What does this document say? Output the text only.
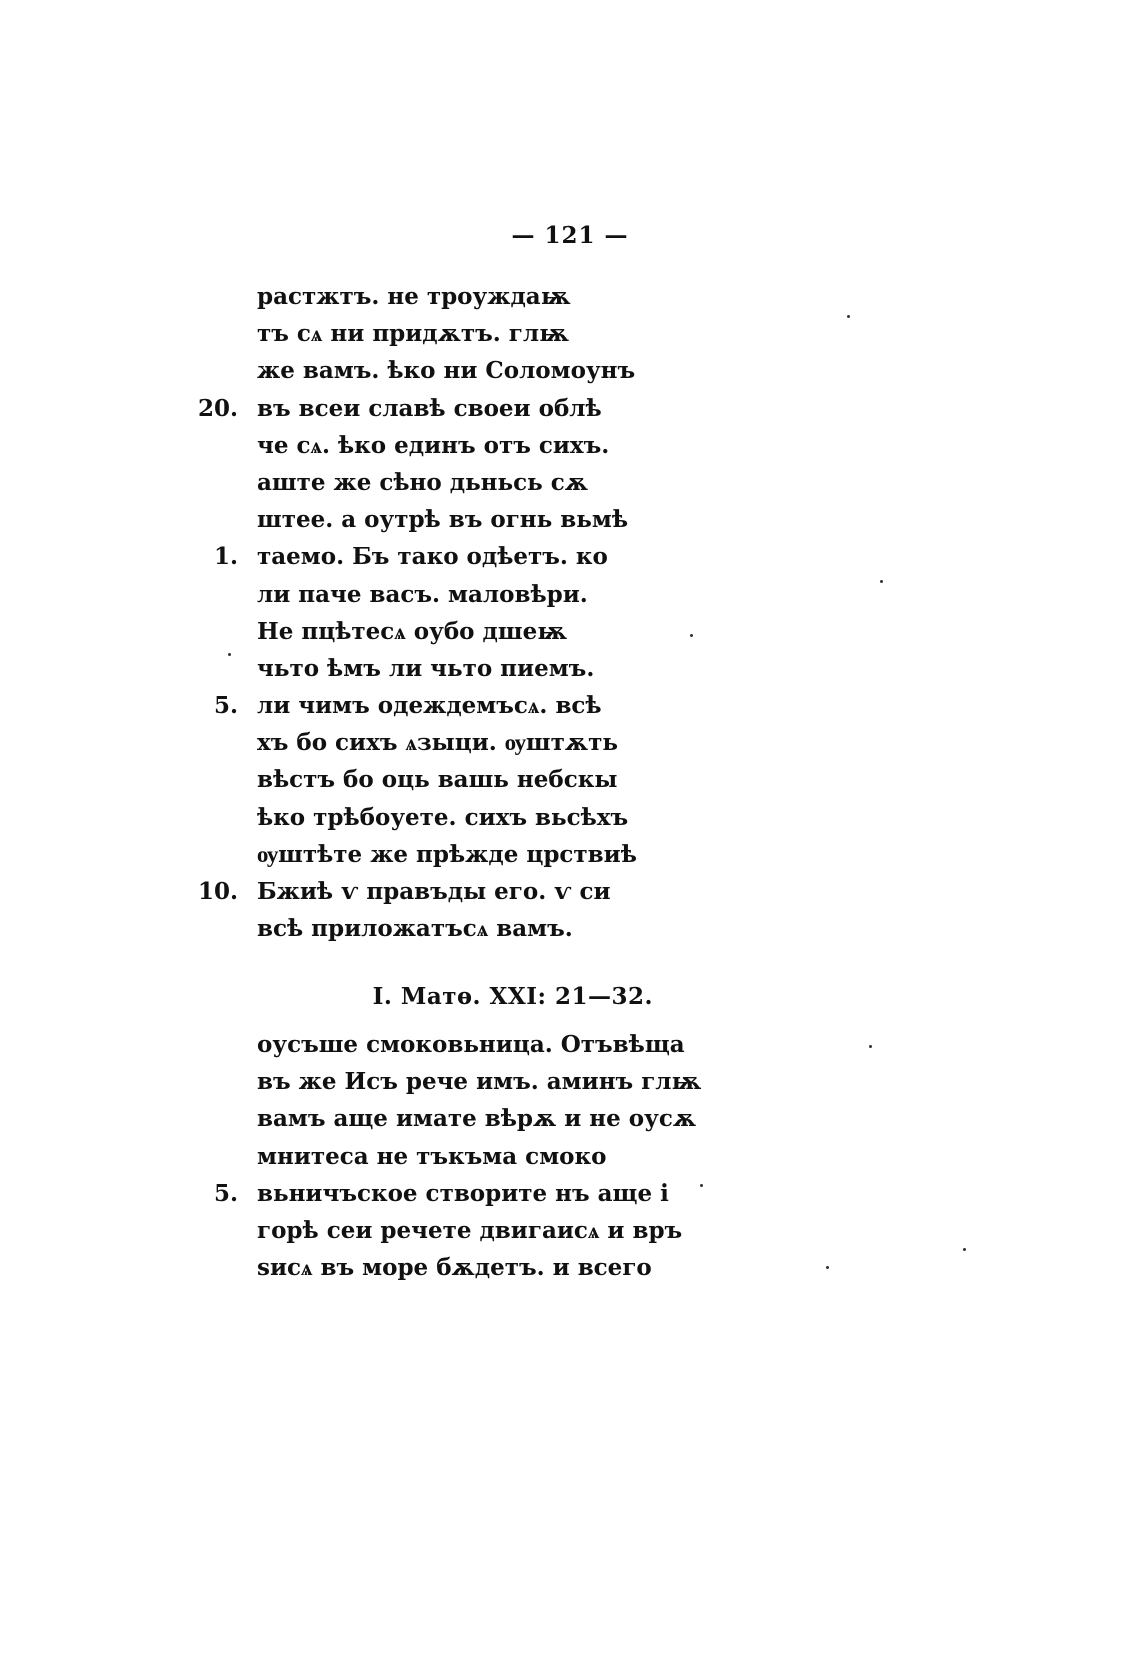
— 121 —
растжтъ. не троуждаѭ
тъ сѧ ни придѫтъ. глѭ
же вамъ. ѣко ни Соломоунъ
20. въ всеи славѣ своеи облѣ
че сѧ. ѣко единъ отъ сихъ.
аште же сѣно дьньсь сѫ
штее. а оутрѣ въ огнь вьмѣ
1. таемо. Бъ тако одѣетъ. ко
ли паче васъ. маловѣри.
Не пцѣтесѧ оубо дшеѭ
чьто ѣмъ ли чьто пиемъ.
5. ли чимъ одеждемъсѧ. всѣ
хъ бо сихъ ѧзыци. ѹштѫть
вѣстъ бо оць вашь небскы
ѣко трѣбоуете. сихъ вьсѣхъ
ѹштѣте же прѣжде црствиѣ
10. Бжиѣ ѵ правъды его. ѵ си
всѣ приложатъсѧ вамъ.
І. Матѳ. XXI: 21—32.
оусъше смоковьница. Отъвѣща
въ же Исъ рече имъ. аминъ глѭ
вамъ аще имате вѣрѫ и не оусѫ
мнитеса не тъкъма смоко
5. вьничъское створите нъ аще і
горѣ сеи речете двигаисѧ и връ
ѕисѧ въ море бѫдетъ. и всего
